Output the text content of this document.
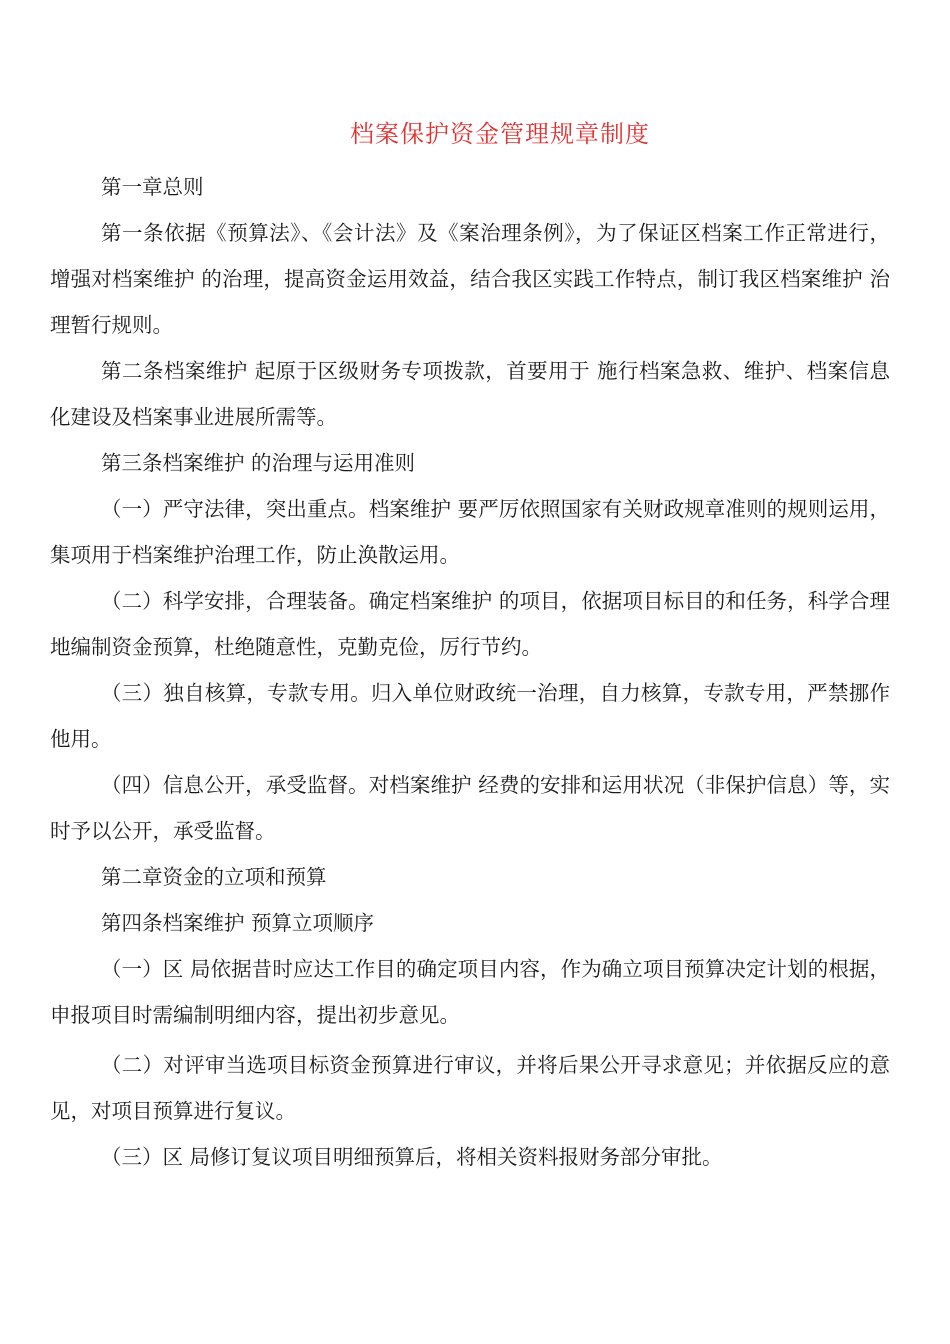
档案保护资金管理规章制度

第一章总则

第一条依据《预算法》、《会计法》及《案治理条例》，为了保证区档案工作正常进行，增强对档案维护 的治理，提高资金运用效益，结合我区实践工作特点，制订我区档案维护 治理暂行规则。

第二条档案维护 起原于区级财务专项拨款，首要用于 施行档案急救、维护、档案信息化建设及档案事业进展所需等。

第三条档案维护 的治理与运用准则

（一）严守法律，突出重点。档案维护 要严厉依照国家有关财政规章准则的规则运用，集项用于档案维护治理工作，防止涣散运用。

（二）科学安排，合理装备。确定档案维护 的项目，依据项目标目的和任务，科学合理地编制资金预算，杜绝随意性，克勤克俭，厉行节约。

（三）独自核算，专款专用。归入单位财政统一治理，自力核算，专款专用，严禁挪作他用。

（四）信息公开，承受监督。对档案维护 经费的安排和运用状况（非保护信息）等，实时予以公开，承受监督。

第二章资金的立项和预算

第四条档案维护 预算立项顺序

（一）区 局依据昔时应达工作目的确定项目内容，作为确立项目预算决定计划的根据，申报项目时需编制明细内容，提出初步意见。

（二）对评审当选项目标资金预算进行审议，并将后果公开寻求意见；并依据反应的意见，对项目预算进行复议。

（三）区 局修订复议项目明细预算后，将相关资料报财务部分审批。
